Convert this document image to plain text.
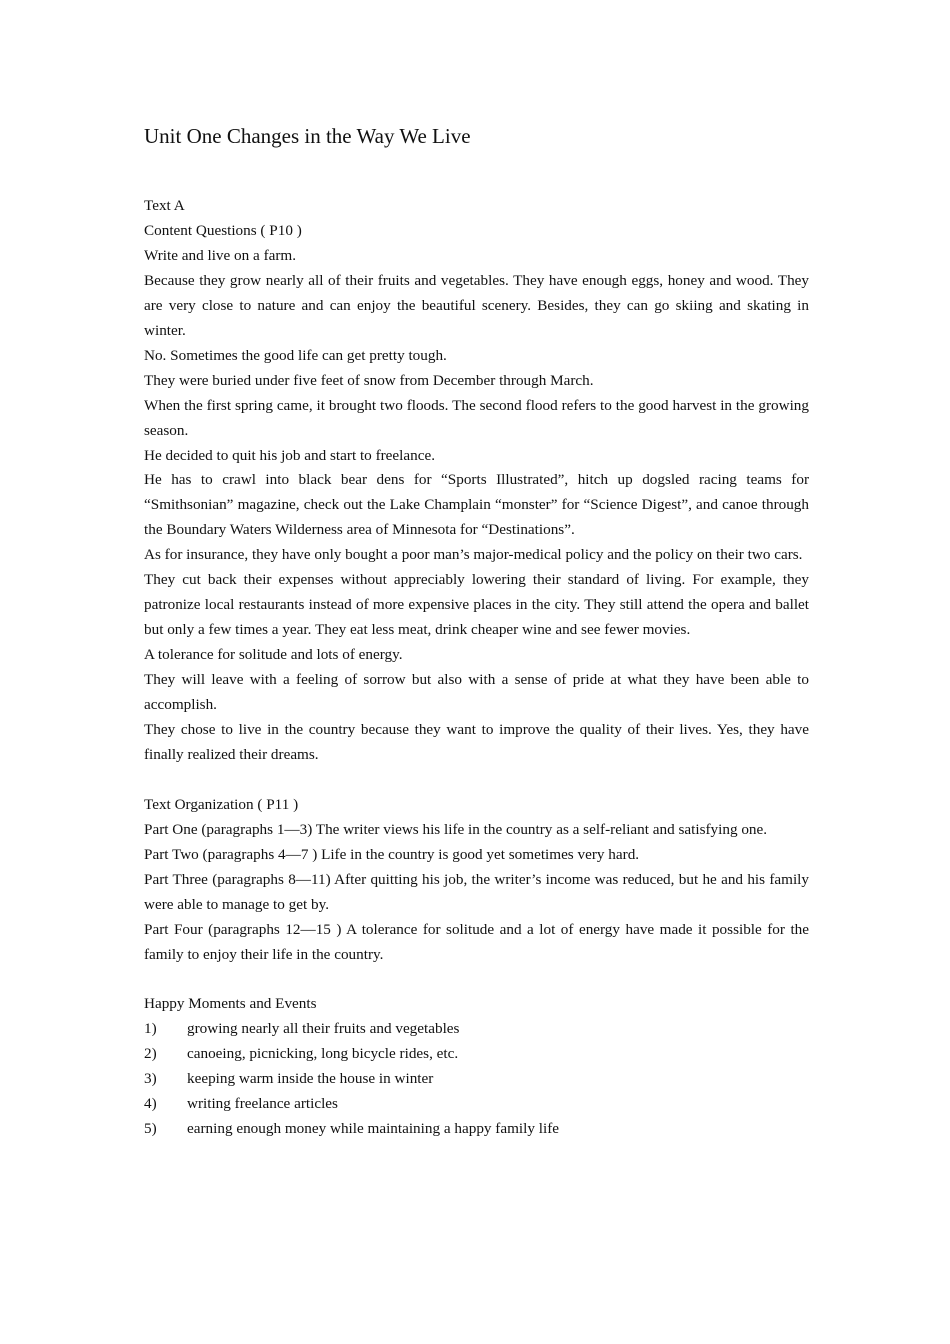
Unit One Changes in the Way We Live

Text A

Content Questions ( P10 )

Write and live on a farm.

Because they grow nearly all of their fruits and vegetables. They have enough eggs, honey and wood. They are very close to nature and can enjoy the beautiful scenery. Besides, they can go skiing and skating in winter.

No. Sometimes the good life can get pretty tough.

They were buried under five feet of snow from December through March.

When the first spring came, it brought two floods. The second flood refers to the good harvest in the growing season.

He decided to quit his job and start to freelance.

He has to crawl into black bear dens for “Sports Illustrated”, hitch up dogsled racing teams for “Smithsonian” magazine, check out the Lake Champlain “monster” for “Science Digest”, and canoe through the Boundary Waters Wilderness area of Minnesota for “Destinations”.

As for insurance, they have only bought a poor man’s major-medical policy and the policy on their two cars.

They cut back their expenses without appreciably lowering their standard of living. For example, they patronize local restaurants instead of more expensive places in the city. They still attend the opera and ballet but only a few times a year. They eat less meat, drink cheaper wine and see fewer movies.

A tolerance for solitude and lots of energy.

They will leave with a feeling of sorrow but also with a sense of pride at what they have been able to accomplish.

They chose to live in the country because they want to improve the quality of their lives. Yes, they have finally realized their dreams.

Text Organization ( P11 )

Part One (paragraphs 1—3) The writer views his life in the country as a self-reliant and satisfying one.

Part Two (paragraphs 4—7 ) Life in the country is good yet sometimes very hard.

Part Three (paragraphs 8—11) After quitting his job, the writer’s income was reduced, but he and his family were able to manage to get by.

Part Four (paragraphs 12—15 ) A tolerance for solitude and a lot of energy have made it possible for the family to enjoy their life in the country.

Happy Moments and Events

1)	growing nearly all their fruits and vegetables
2)	canoeing, picnicking, long bicycle rides, etc.
3)	keeping warm inside the house in winter
4)	writing freelance articles
5)	earning enough money while maintaining a happy family life
